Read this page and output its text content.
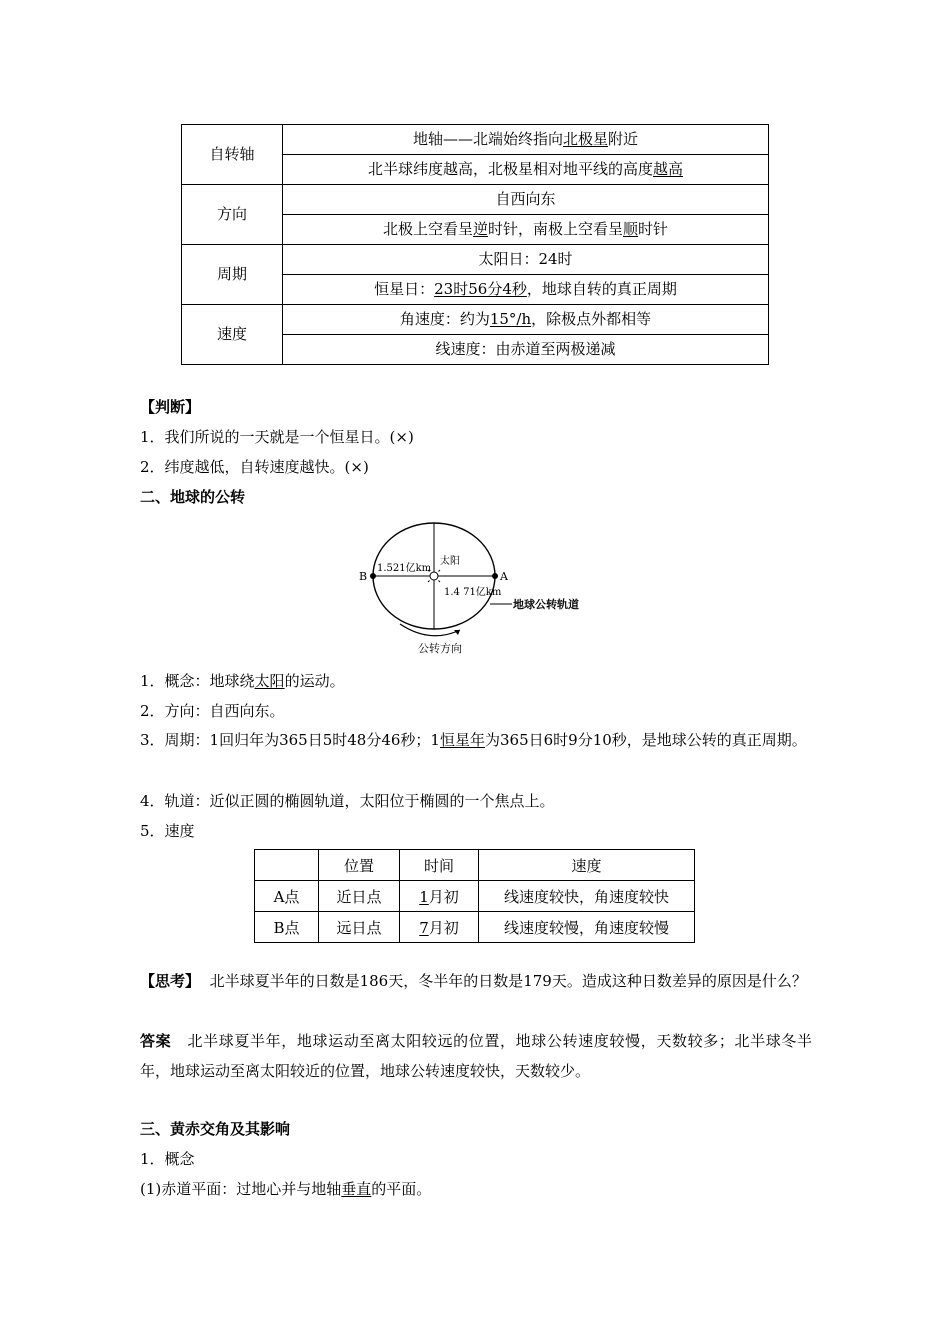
自转轴	地轴——北端始终指向北极星附近
	北半球纬度越高，北极星相对地平线的高度越高
方向	自西向东
	北极上空看呈逆时针，南极上空看呈顺时针
周期	太阳日：24时
	恒星日：23时56分4秒，地球自转的真正周期
速度	角速度：约为15°/h，除极点外都相等
	线速度：由赤道至两极递减
【判断】
1．我们所说的一天就是一个恒星日。(×)
2．纬度越低，自转速度越快。(×)
二、地球的公转
B	A
1.521亿km
太阳
1.4 71亿km
地球公转轨道
公转方向
1．概念：地球绕太阳的运动。
2．方向：自西向东。
3．周期：1回归年为365日5时48分46秒；1恒星年为365日6时9分10秒，是地球公转的真正周期。
4．轨道：近似正圆的椭圆轨道，太阳位于椭圆的一个焦点上。
5．速度
	位置	时间	速度
A点	近日点	1月初	线速度较快，角速度较快
B点	远日点	7月初	线速度较慢，角速度较慢
【思考】 北半球夏半年的日数是186天，冬半年的日数是179天。造成这种日数差异的原因是什么？
答案 北半球夏半年，地球运动至离太阳较远的位置，地球公转速度较慢，天数较多；北半球冬半年，地球运动至离太阳较近的位置，地球公转速度较快，天数较少。
三、黄赤交角及其影响
1．概念
(1)赤道平面：过地心并与地轴垂直的平面。
